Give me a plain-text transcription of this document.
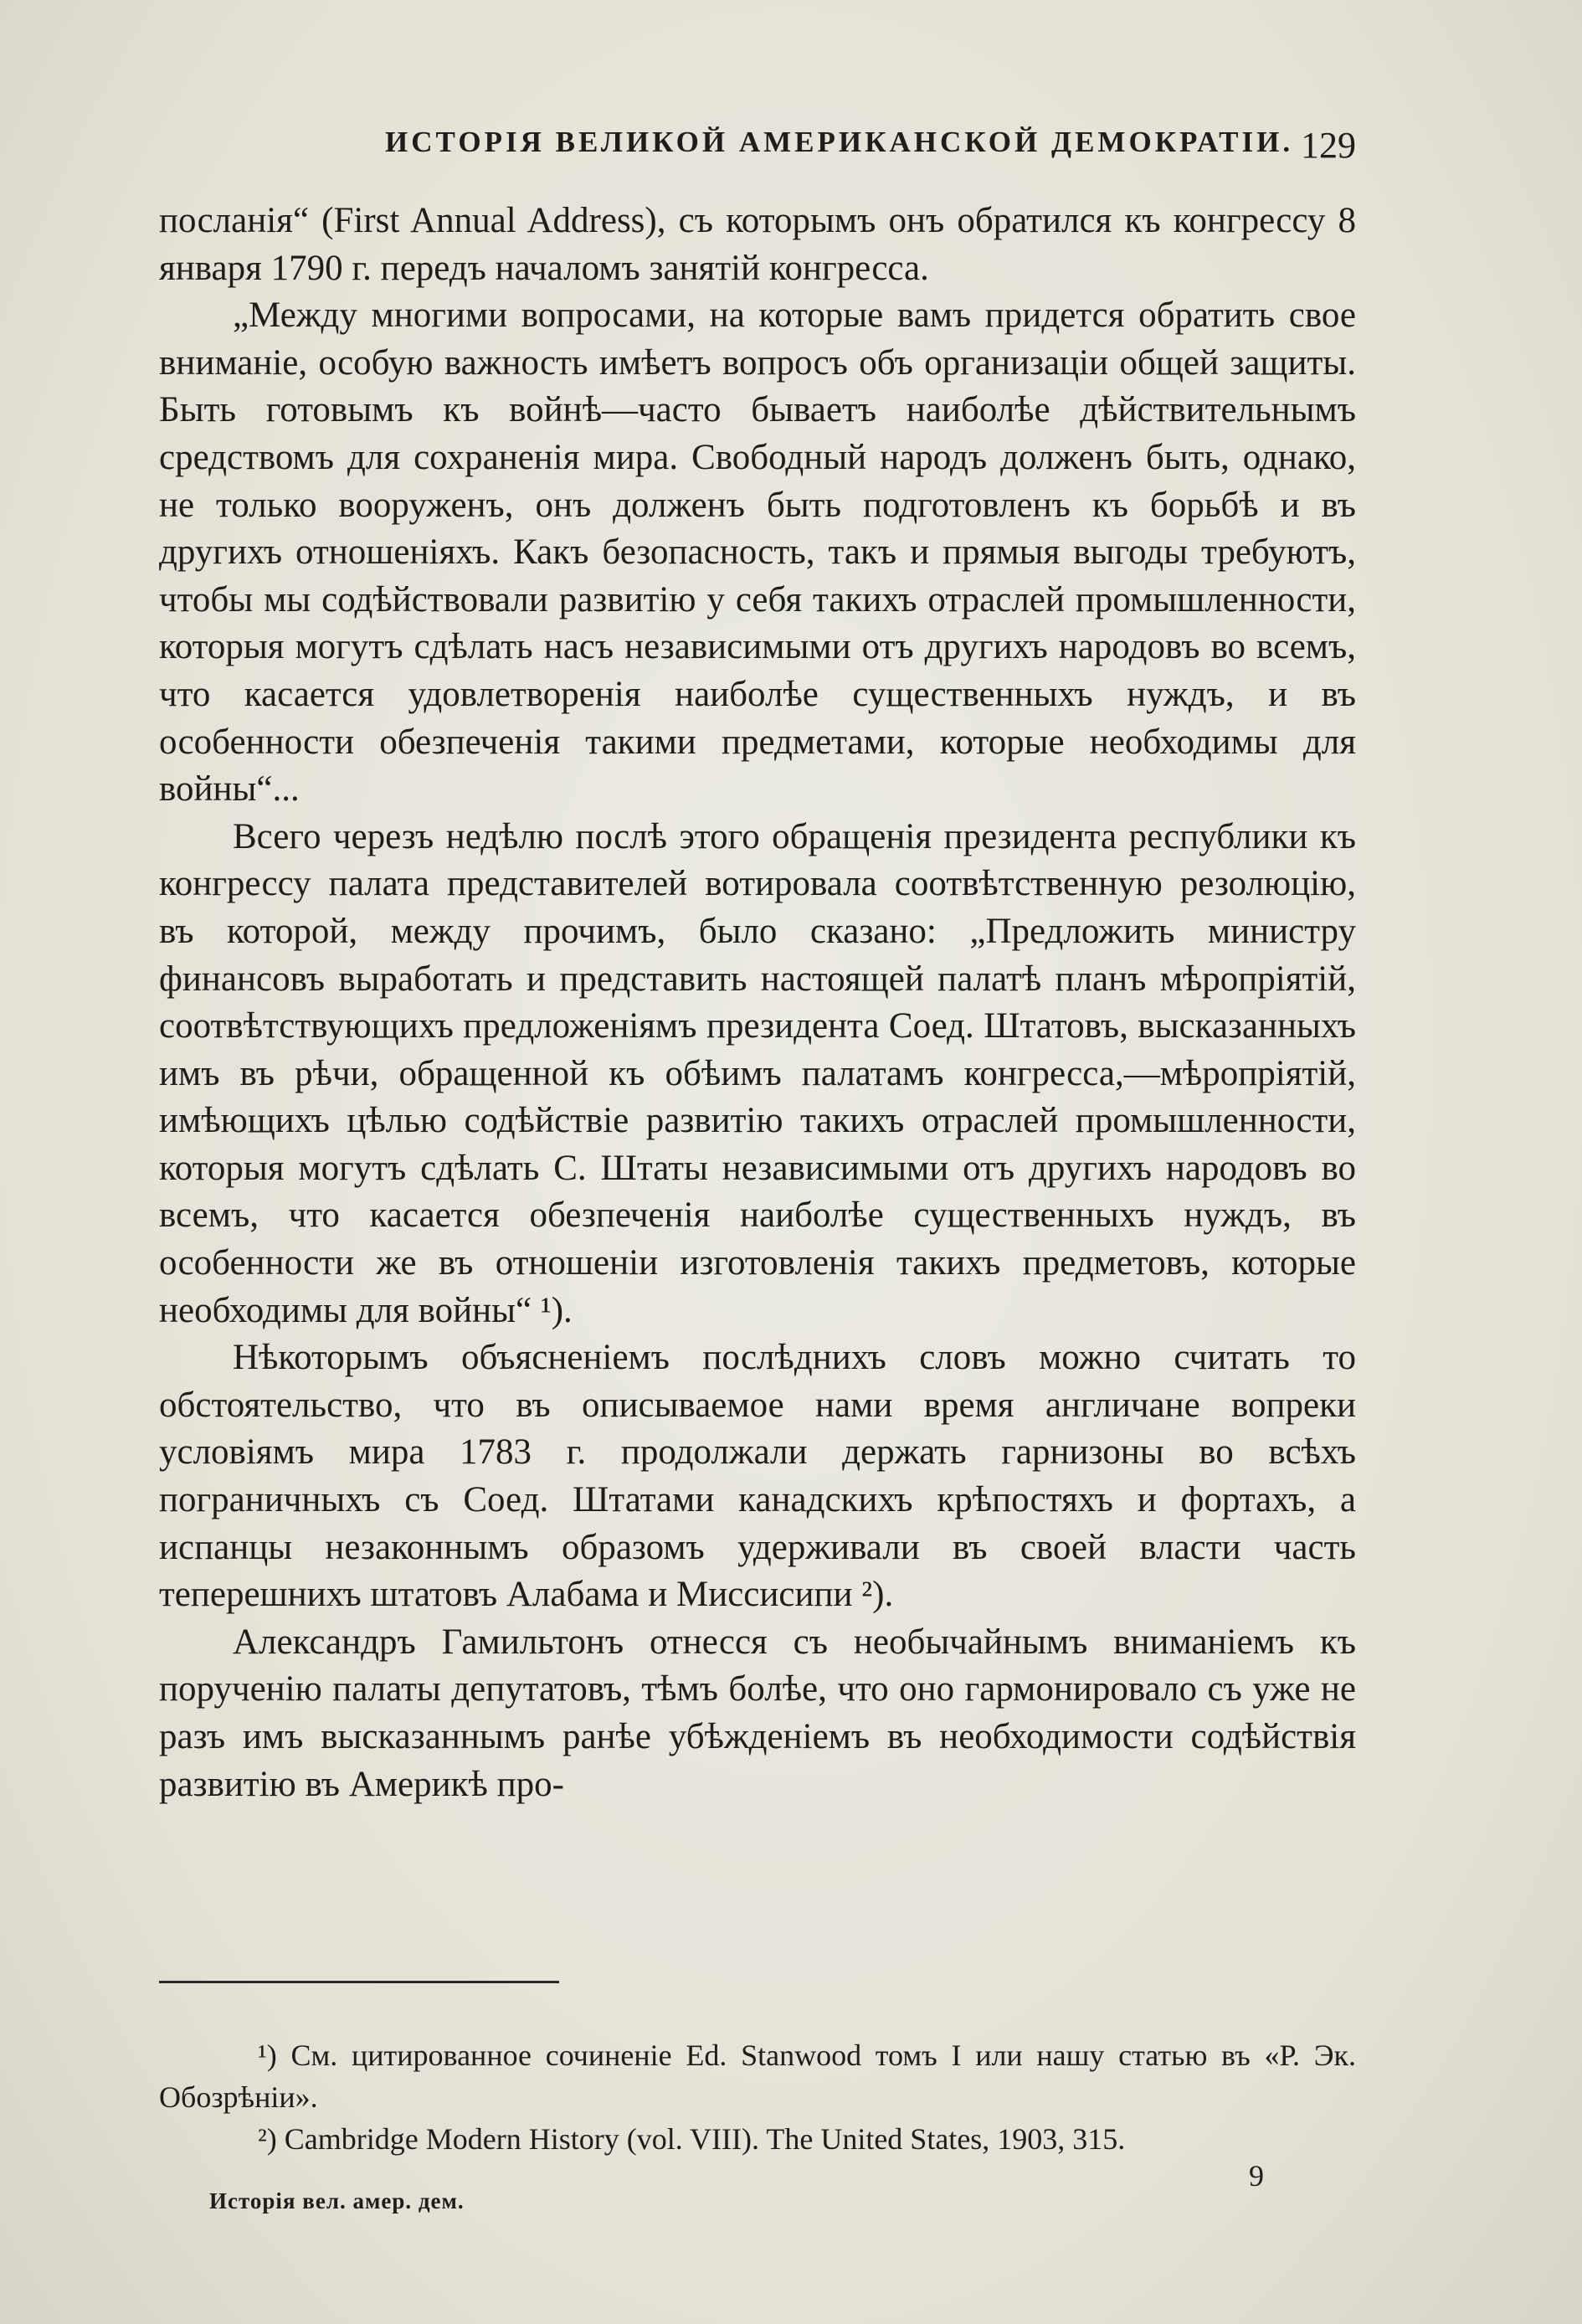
ИСТОРІЯ ВЕЛИКОЙ АМЕРИКАНСКОЙ ДЕМОКРАТІИ. 129

посланія“ (First Annual Address), съ которымъ онъ обратился къ конгрессу 8 января 1790 г. передъ началомъ занятій конгресса.

„Между многими вопросами, на которые вамъ придется обратить свое вниманіе, особую важность имѣетъ вопросъ объ организаціи общей защиты. Быть готовымъ къ войнѣ—часто бываетъ наиболѣе дѣйствительнымъ средствомъ для сохраненія мира. Свободный народъ долженъ быть, однако, не только вооруженъ, онъ долженъ быть подготовленъ къ борьбѣ и въ другихъ отношеніяхъ. Какъ безопасность, такъ и прямыя выгоды требуютъ, чтобы мы содѣйствовали развитію у себя такихъ отраслей промышленности, которыя могутъ сдѣлать насъ независимыми отъ другихъ народовъ во всемъ, что касается удовлетворенія наиболѣе существенныхъ нуждъ, и въ особенности обезпеченія такими предметами, которые необходимы для войны“...

Всего черезъ недѣлю послѣ этого обращенія президента республики къ конгрессу палата представителей вотировала соотвѣтственную резолюцію, въ которой, между прочимъ, было сказано: „Предложить министру финансовъ выработать и представить настоящей палатѣ планъ мѣропріятій, соотвѣтствующихъ предложеніямъ президента Соед. Штатовъ, высказанныхъ имъ въ рѣчи, обращенной къ обѣимъ палатамъ конгресса,—мѣропріятій, имѣющихъ цѣлью содѣйствіе развитію такихъ отраслей промышленности, которыя могутъ сдѣлать С. Штаты независимыми отъ другихъ народовъ во всемъ, что касается обезпеченія наиболѣе существенныхъ нуждъ, въ особенности же въ отношеніи изготовленія такихъ предметовъ, которые необходимы для войны“ ¹).

Нѣкоторымъ объясненіемъ послѣднихъ словъ можно считать то обстоятельство, что въ описываемое нами время англичане вопреки условіямъ мира 1783 г. продолжали держать гарнизоны во всѣхъ пограничныхъ съ Соед. Штатами канадскихъ крѣпостяхъ и фортахъ, а испанцы незаконнымъ образомъ удерживали въ своей власти часть теперешнихъ штатовъ Алабама и Миссисипи ²).

Александръ Гамильтонъ отнесся съ необычайнымъ вниманіемъ къ порученію палаты депутатовъ, тѣмъ болѣе, что оно гармонировало съ уже не разъ имъ высказаннымъ ранѣе убѣжденіемъ въ необходимости содѣйствія развитію въ Америкѣ про-

¹) См. цитированное сочиненіе Ed. Stanwood томъ I или нашу статью въ «Р. Эк. Обозрѣніи».

²) Cambridge Modern History (vol. VIII). The United States, 1903, 315.

9
Исторія вел. амер. дем.
